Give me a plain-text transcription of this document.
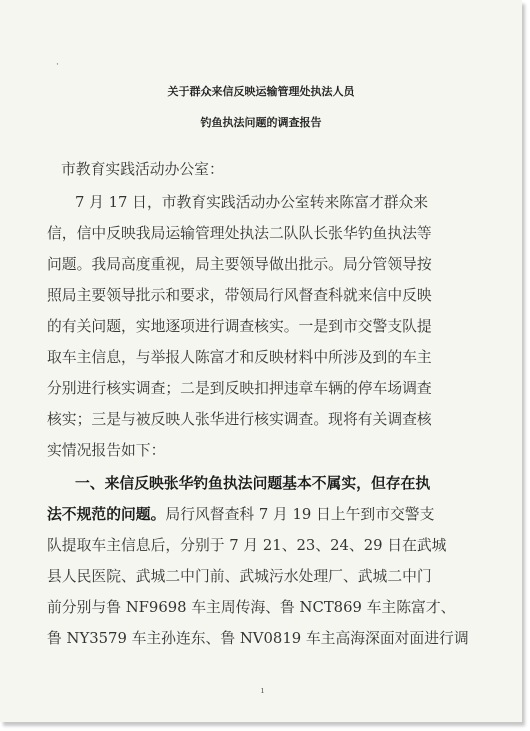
·
关于群众来信反映运输管理处执法人员
钓鱼执法问题的调查报告
市教育实践活动办公室：
7 月 17 日，市教育实践活动办公室转来陈富才群众来
信，信中反映我局运输管理处执法二队队长张华钓鱼执法等
问题。我局高度重视，局主要领导做出批示。局分管领导按
照局主要领导批示和要求，带领局行风督查科就来信中反映
的有关问题，实地逐项进行调查核实。一是到市交警支队提
取车主信息，与举报人陈富才和反映材料中所涉及到的车主
分别进行核实调查；二是到反映扣押违章车辆的停车场调查
核实；三是与被反映人张华进行核实调查。现将有关调查核
实情况报告如下：
一、来信反映张华钓鱼执法问题基本不属实，但存在执
法不规范的问题。局行风督查科 7 月 19 日上午到市交警支
队提取车主信息后，分别于 7 月 21、23、24、29 日在武城
县人民医院、武城二中门前、武城污水处理厂、武城二中门
前分别与鲁 NF9698 车主周传海、鲁 NCT869 车主陈富才、
鲁 NY3579 车主孙连东、鲁 NV0819 车主高海深面对面进行调
ı
